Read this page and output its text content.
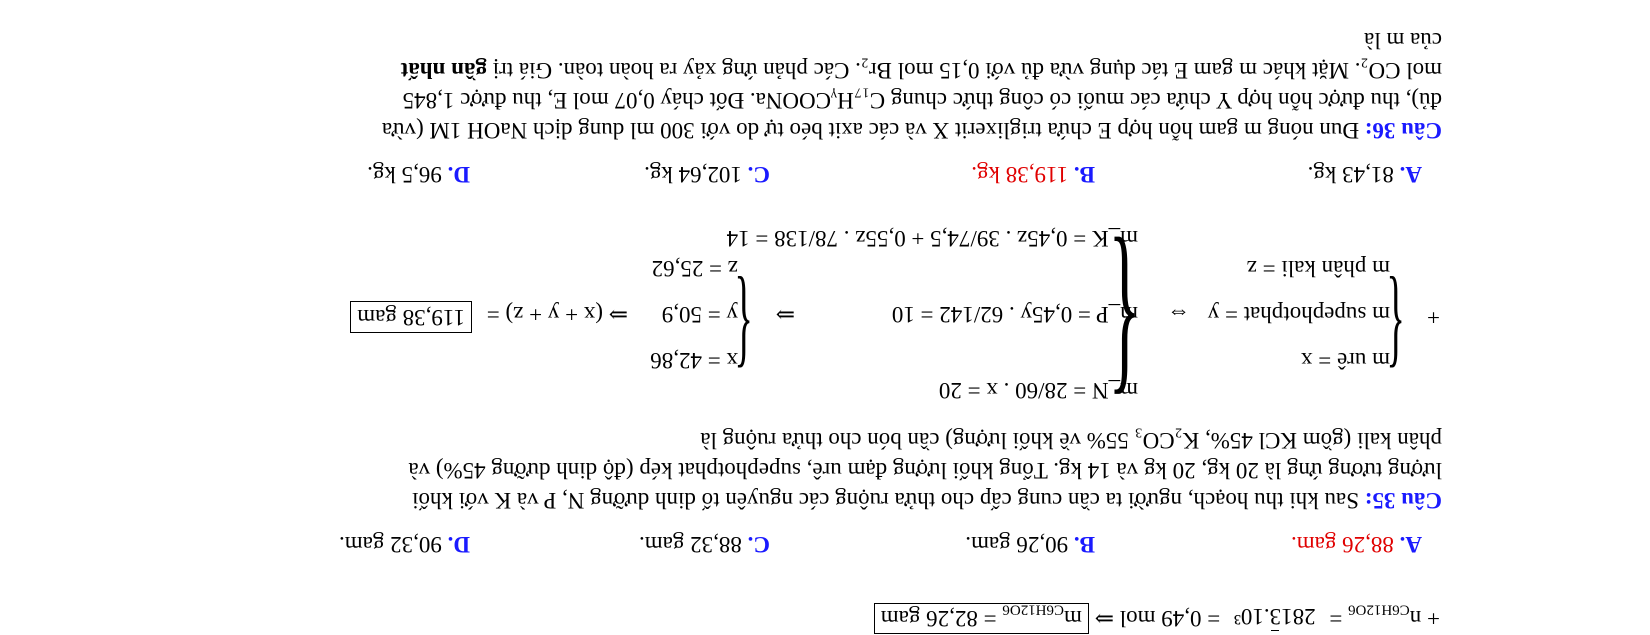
+ $n_{C6H12O6}$ =
2813.10³
= 0,49 mol ⇒ $m_{C6H12O6} = 82,26$ gam
A. 88,26 gam.
B. 90,26 gam.
C. 88,32 gam.
D. 90,32 gam.
Câu 35: Sau khi thu hoạch, người ta cần cung cấp cho thửa ruộng các nguyên tố dinh dưỡng N, P và K với khối
lượng tương ứng là 20 kg, 20 kg và 14 kg. Tổng khối lượng đạm urê, supephotphat kép (độ dinh dưỡng 45%) và
phân kali (gồm KCl 45%, K₂CO₃ 55% về khối lượng) cần bón cho thửa ruộng là
+
{
m urê = x
m supephotphat = y
m phân kali = z
⇔
{
m_N = 28/60 . x = 20
m_P = 0,45y . 62/142 = 10
m_K = 0,45z . 39/74,5 + 0,55z . 78/138 = 14
⇒
{
x = 42,86
y = 50,9
z = 25,62
⇒ (x + y + z) =
119,38 gam
A. 81,43 kg.
B. 119,38 kg.
C. 102,64 kg.
D. 96,5 kg.
Câu 36: Đun nóng m gam hỗn hợp E chứa triglixerit X và các axit béo tự do với 300 ml dung dịch NaOH 1M (vừa
đủ), thu được hỗn hợp Y chứa các muối có công thức chung C₁₇HᵧCOONa. Đốt cháy 0,07 mol E, thu được 1,845
mol CO₂. Mặt khác m gam E tác dụng vừa đủ với 0,15 mol Br₂. Các phản ứng xảy ra hoàn toàn. Giá trị gần nhất
của m là
